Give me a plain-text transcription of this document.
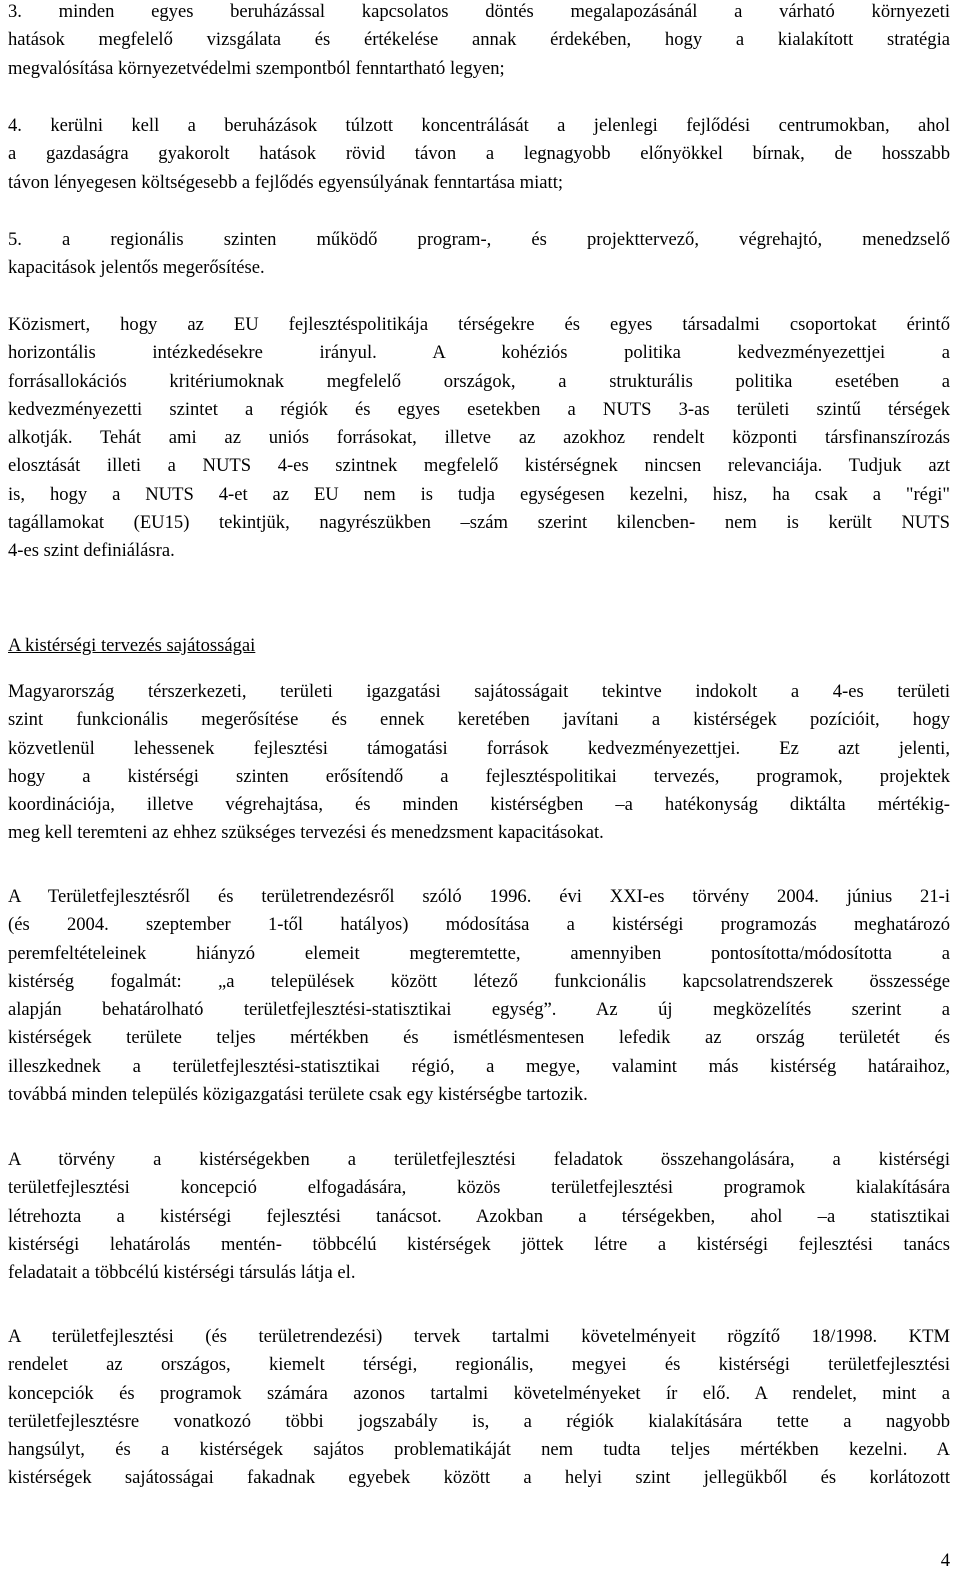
3. minden egyes beruházással kapcsolatos döntés megalapozásánál a várható környezeti

hatások megfelelő vizsgálata és értékelése annak érdekében, hogy a kialakított stratégia

megvalósítása környezetvédelmi szempontból fenntartható legyen;

4. kerülni kell a beruházások túlzott koncentrálását a jelenlegi fejlődési centrumokban, ahol

a gazdaságra gyakorolt hatások rövid távon a legnagyobb előnyökkel bírnak, de hosszabb

távon lényegesen költségesebb a fejlődés egyensúlyának fenntartása miatt;

5. a regionális szinten működő program-, és projekttervező, végrehajtó, menedzselő

kapacitások jelentős megerősítése.

Közismert, hogy az EU fejlesztéspolitikája térségekre és egyes társadalmi csoportokat érintő

horizontális intézkedésekre irányul. A kohéziós politika kedvezményezettjei a

forrásallokációs kritériumoknak megfelelő országok, a strukturális politika esetében a

kedvezményezetti szintet a régiók és egyes esetekben a NUTS 3-as területi szintű térségek

alkotják. Tehát ami az uniós forrásokat, illetve az azokhoz rendelt központi társfinanszírozás

elosztását illeti a NUTS 4-es szintnek megfelelő kistérségnek nincsen relevanciája. Tudjuk azt

is, hogy a NUTS 4-et az EU nem is tudja egységesen kezelni, hisz, ha csak a "régi"

tagállamokat (EU15) tekintjük, nagyrészükben –szám szerint kilencben- nem is került NUTS

4-es szint definiálásra.

A kistérségi tervezés sajátosságai

Magyarország térszerkezeti, területi igazgatási sajátosságait tekintve indokolt a 4-es területi

szint funkcionális megerősítése és ennek keretében javítani a kistérségek pozícióit, hogy

közvetlenül lehessenek fejlesztési támogatási források kedvezményezettjei. Ez azt jelenti,

hogy a kistérségi szinten erősítendő a fejlesztéspolitikai tervezés, programok, projektek

koordinációja, illetve végrehajtása, és minden kistérségben –a hatékonyság diktálta mértékig-

meg kell teremteni az ehhez szükséges tervezési és menedzsment kapacitásokat.

A Területfejlesztésről és területrendezésről szóló 1996. évi XXI-es törvény 2004. június 21-i

(és 2004. szeptember 1-től hatályos) módosítása a kistérségi programozás meghatározó

peremfeltételeinek hiányzó elemeit megteremtette, amennyiben pontosította/módosította a

kistérség fogalmát: „a települések között létező funkcionális kapcsolatrendszerek összessége

alapján behatárolható területfejlesztési-statisztikai egység”. Az új megközelítés szerint a

kistérségek területe teljes mértékben és ismétlésmentesen lefedik az ország területét és

illeszkednek a területfejlesztési-statisztikai régió, a megye, valamint más kistérség határaihoz,

továbbá minden település közigazgatási területe csak egy kistérségbe tartozik.

A törvény a kistérségekben a területfejlesztési feladatok összehangolására, a kistérségi

területfejlesztési koncepció elfogadására, közös területfejlesztési programok kialakítására

létrehozta a kistérségi fejlesztési tanácsot. Azokban a térségekben, ahol –a statisztikai

kistérségi lehatárolás mentén- többcélú kistérségek jöttek létre a kistérségi fejlesztési tanács

feladatait a többcélú kistérségi társulás látja el.

A területfejlesztési (és területrendezési) tervek tartalmi követelményeit rögzítő 18/1998. KTM

rendelet az országos, kiemelt térségi, regionális, megyei és kistérségi területfejlesztési

koncepciók és programok számára azonos tartalmi követelményeket ír elő. A rendelet, mint a

területfejlesztésre vonatkozó többi jogszabály is, a régiók kialakítására tette a nagyobb

hangsúlyt, és a kistérségek sajátos problematikáját nem tudta teljes mértékben kezelni. A

kistérségek sajátosságai fakadnak egyebek között a helyi szint jellegükből és korlátozott

4
